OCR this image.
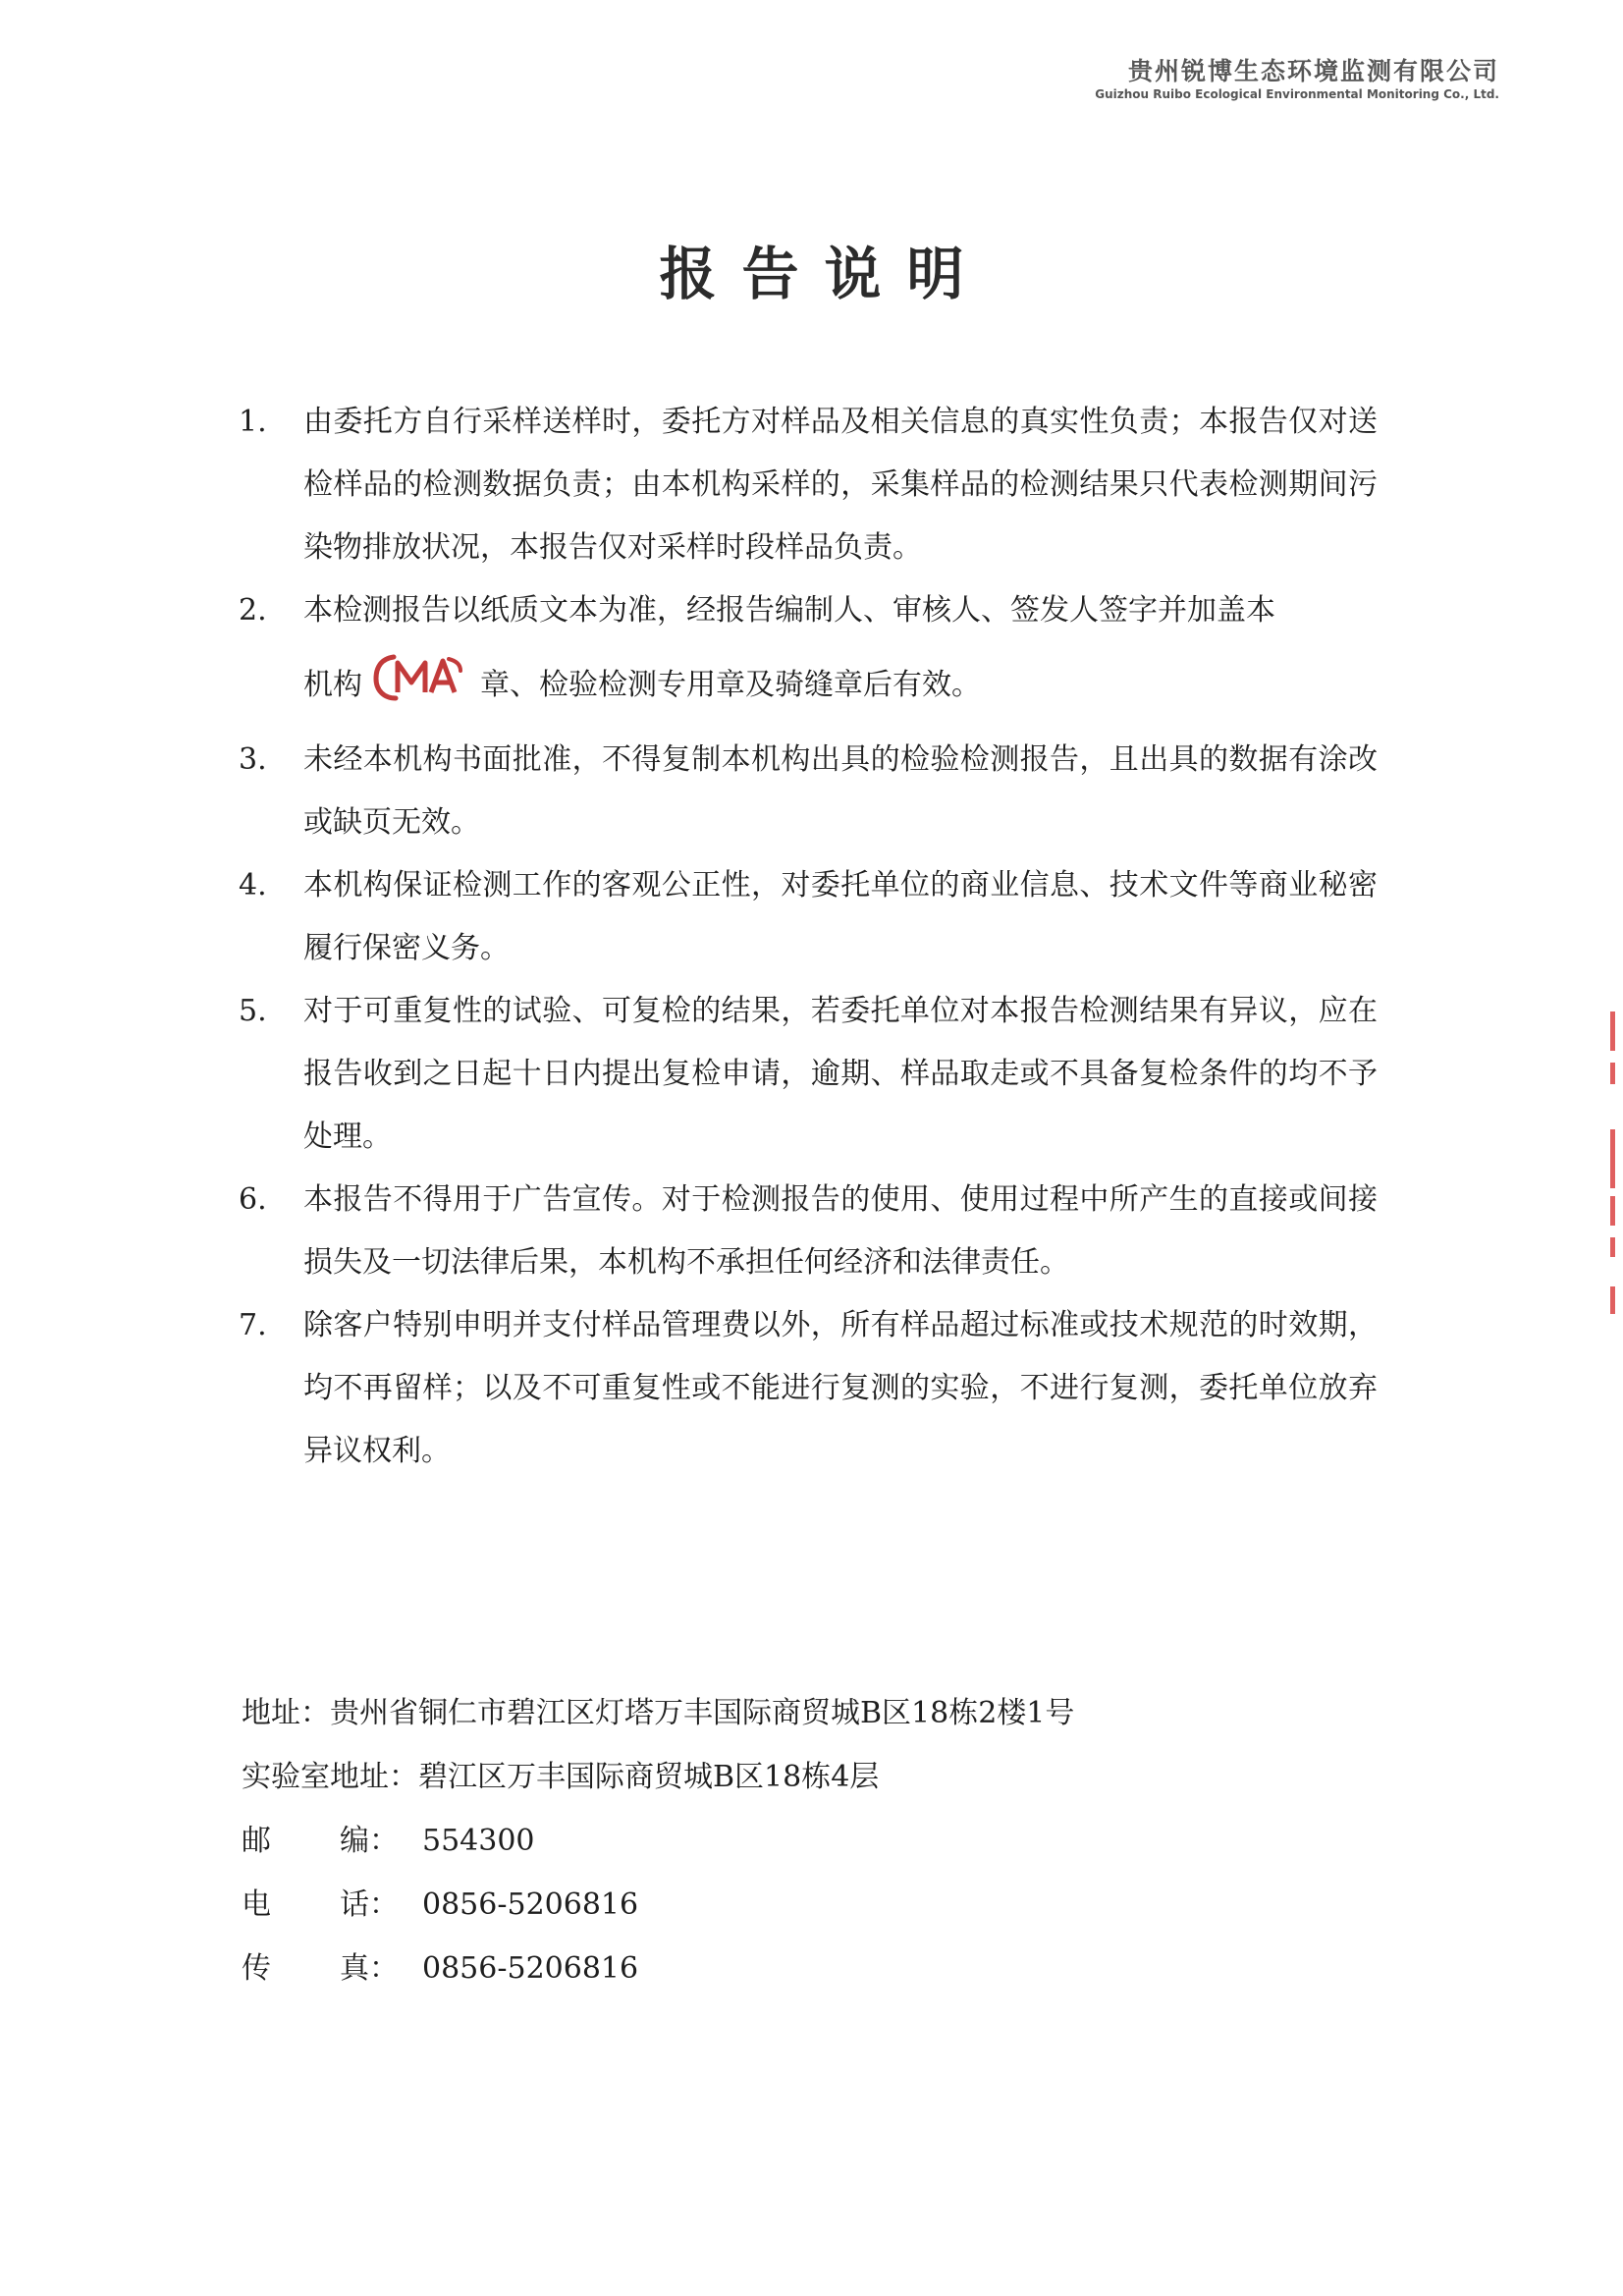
贵州锐博生态环境监测有限公司
Guizhou Ruibo Ecological Environmental Monitoring Co., Ltd.
报告说明
1. 由委托方自行采样送样时，委托方对样品及相关信息的真实性负责；本报告仅对送检样品的检测数据负责；由本机构采样的，采集样品的检测结果只代表检测期间污染物排放状况，本报告仅对采样时段样品负责。
2. 本检测报告以纸质文本为准，经报告编制人、审核人、签发人签字并加盖本
机构
CMA
章、检验检测专用章及骑缝章后有效。
3. 未经本机构书面批准，不得复制本机构出具的检验检测报告，且出具的数据有涂改或缺页无效。
4. 本机构保证检测工作的客观公正性，对委托单位的商业信息、技术文件等商业秘密履行保密义务。
5. 对于可重复性的试验、可复检的结果，若委托单位对本报告检测结果有异议，应在报告收到之日起十日内提出复检申请，逾期、样品取走或不具备复检条件的均不予处理。
6. 本报告不得用于广告宣传。对于检测报告的使用、使用过程中所产生的直接或间接损失及一切法律后果，本机构不承担任何经济和法律责任。
7. 除客户特别申明并支付样品管理费以外，所有样品超过标准或技术规范的时效期，均不再留样；以及不可重复性或不能进行复测的实验，不进行复测，委托单位放弃异议权利。
地址：贵州省铜仁市碧江区灯塔万丰国际商贸城B区18栋2楼1号
实验室地址：碧江区万丰国际商贸城B区18栋4层
邮 编： 554300
电 话： 0856-5206816
传 真： 0856-5206816
